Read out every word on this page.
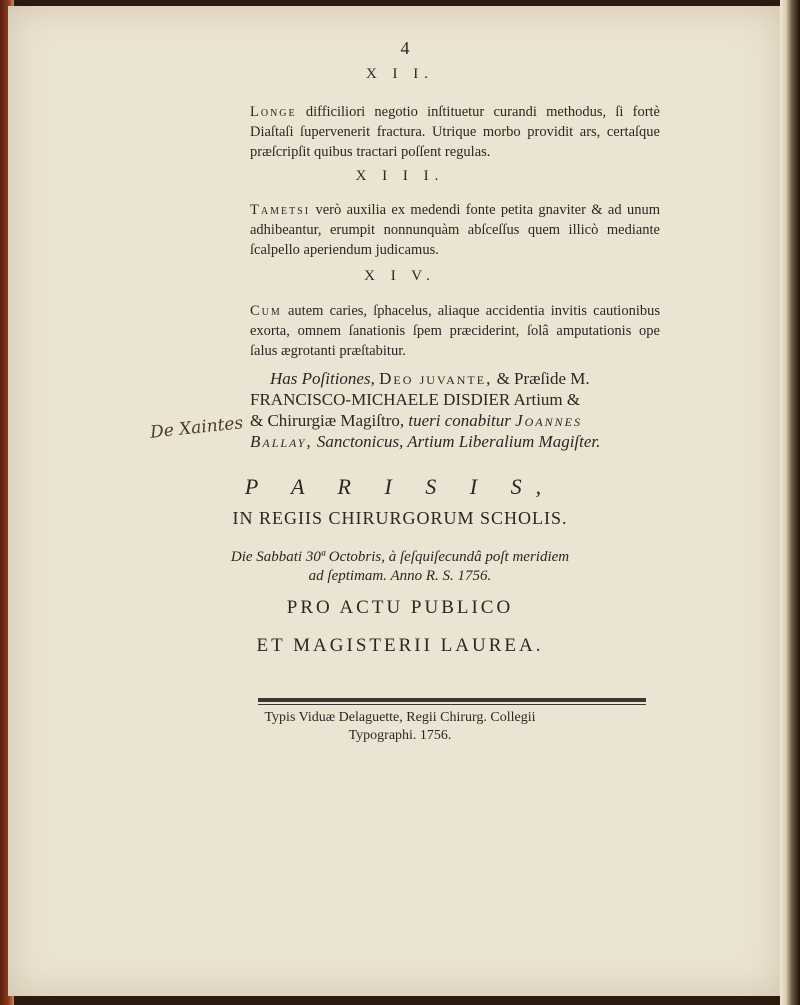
4
X I I.
Longe difficiliori negotio inſtituetur curandi methodus, ſi fortè Diaſtaſi ſupervenerit fractura. Utrique morbo providit ars, certaſque præſcripſit quibus tractari poſſent regulas.
X I I I.
Tametsi verò auxilia ex medendi fonte petita gnaviter & ad unum adhibeantur, erumpit nonnunquàm abſceſſus quem illicò mediante ſcalpello aperiendum judicamus.
X I V.
Cum autem caries, ſphacelus, aliaque accidentia invitis cautionibus exorta, omnem ſanationis ſpem præciderint, ſolâ amputationis ope ſalus ægrotanti præſtabitur.
Has Poſitiones, Deo juvante, & Præſide M.
FRANCISCO-MICHAELE DISDIER Artium &
& Chirurgiæ Magiſtro, tueri conabitur Joannes
Ballay, Sanctonicus, Artium Liberalium Magiſter.
De Xaintes
P A R I S I S,
IN REGIIS CHIRURGORUM SCHOLIS.
Die Sabbati 30ª Octobris, à ſeſquiſecundâ poſt meridiem
ad ſeptimam. Anno R. S. 1756.
PRO ACTU PUBLICO
ET MAGISTERII LAUREA.
Typis Viduæ Delaguette, Regii Chirurg. Collegii
Typographi. 1756.
